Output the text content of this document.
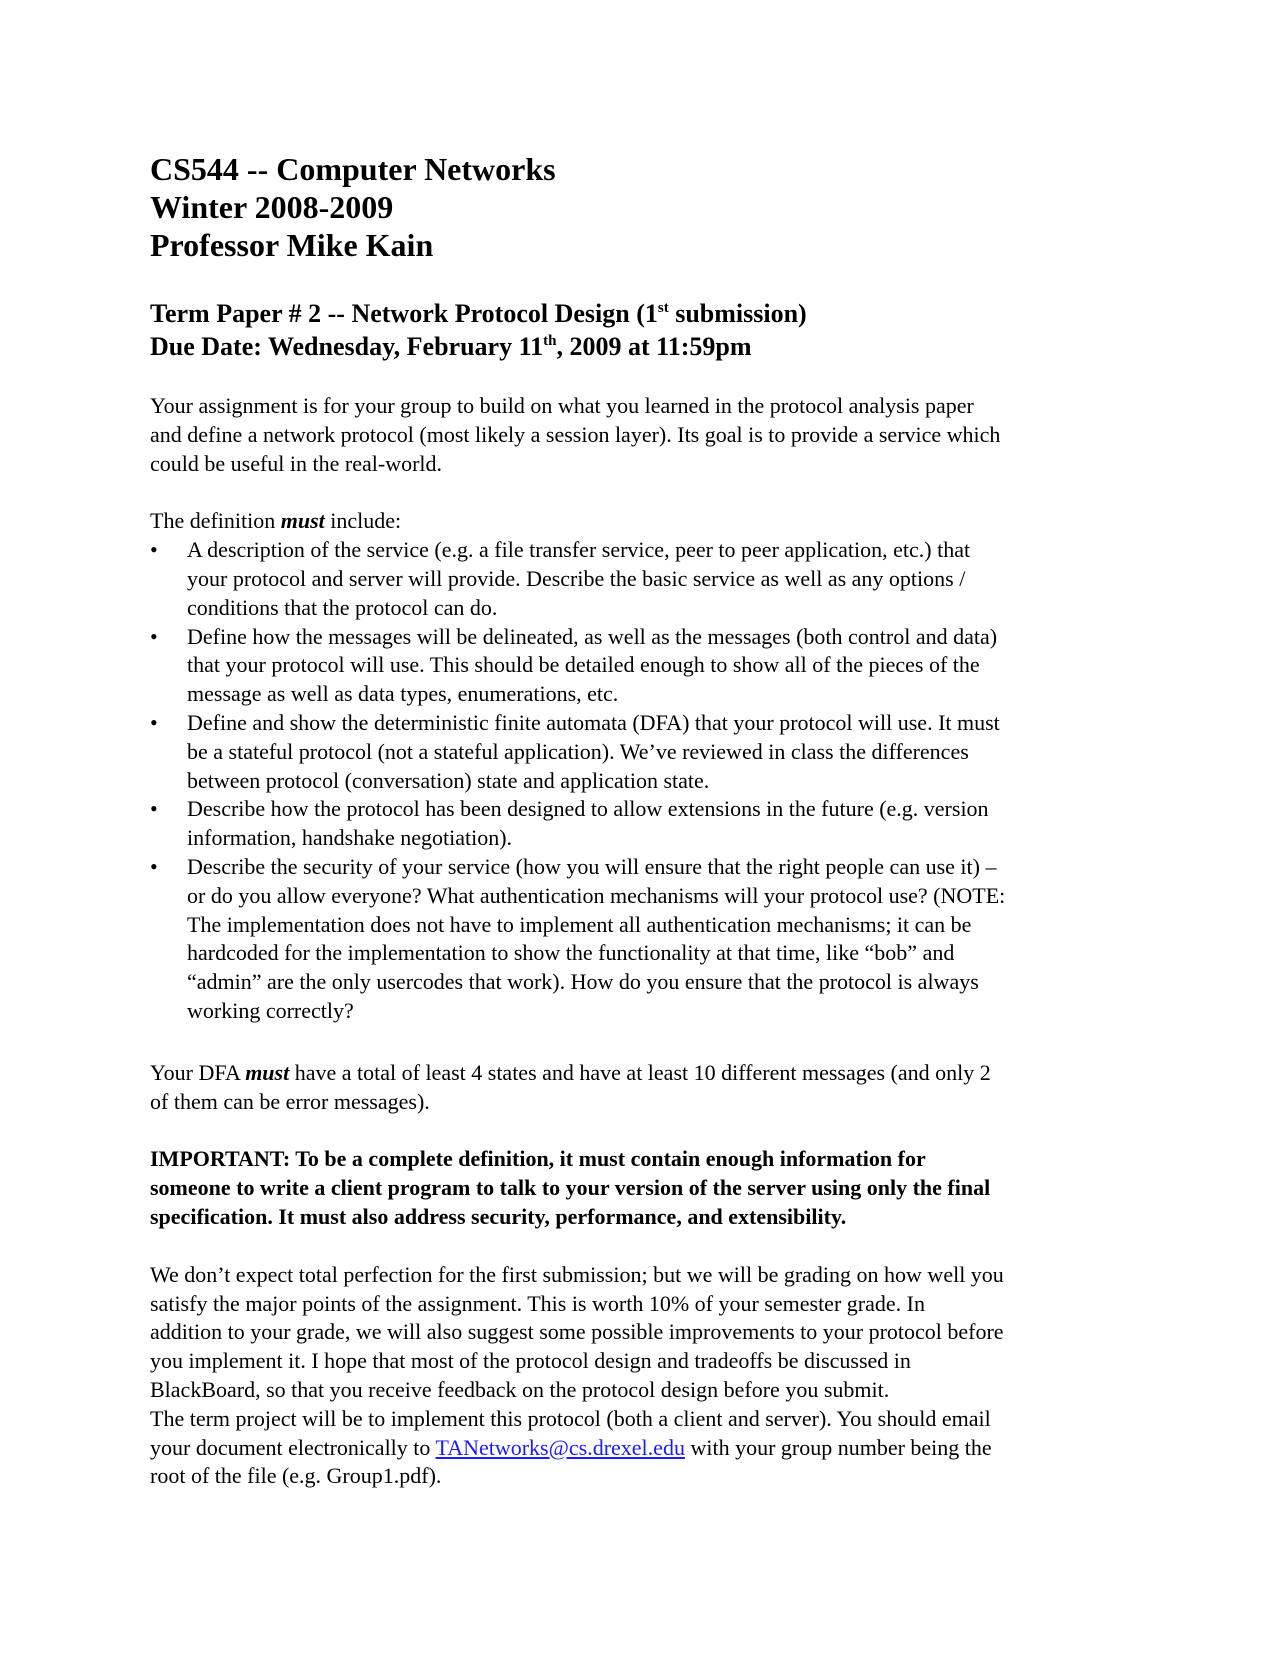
CS544 -- Computer Networks
Winter 2008-2009
Professor Mike Kain
Term Paper # 2 -- Network Protocol Design (1st submission)
Due Date: Wednesday, February 11th, 2009 at 11:59pm
Your assignment is for your group to build on what you learned in the protocol analysis paper
and define a network protocol (most likely a session layer). Its goal is to provide a service which
could be useful in the real-world.
The definition must include:
• A description of the service (e.g. a file transfer service, peer to peer application, etc.) that
your protocol and server will provide. Describe the basic service as well as any options /
conditions that the protocol can do.
• Define how the messages will be delineated, as well as the messages (both control and data)
that your protocol will use. This should be detailed enough to show all of the pieces of the
message as well as data types, enumerations, etc.
• Define and show the deterministic finite automata (DFA) that your protocol will use. It must
be a stateful protocol (not a stateful application). We’ve reviewed in class the differences
between protocol (conversation) state and application state.
• Describe how the protocol has been designed to allow extensions in the future (e.g. version
information, handshake negotiation).
• Describe the security of your service (how you will ensure that the right people can use it) –
or do you allow everyone? What authentication mechanisms will your protocol use? (NOTE:
The implementation does not have to implement all authentication mechanisms; it can be
hardcoded for the implementation to show the functionality at that time, like “bob” and
“admin” are the only usercodes that work). How do you ensure that the protocol is always
working correctly?
Your DFA must have a total of least 4 states and have at least 10 different messages (and only 2
of them can be error messages).
IMPORTANT: To be a complete definition, it must contain enough information for
someone to write a client program to talk to your version of the server using only the final
specification. It must also address security, performance, and extensibility.
We don’t expect total perfection for the first submission; but we will be grading on how well you
satisfy the major points of the assignment. This is worth 10% of your semester grade. In
addition to your grade, we will also suggest some possible improvements to your protocol before
you implement it. I hope that most of the protocol design and tradeoffs be discussed in
BlackBoard, so that you receive feedback on the protocol design before you submit.
The term project will be to implement this protocol (both a client and server). You should email
your document electronically to TANetworks@cs.drexel.edu with your group number being the
root of the file (e.g. Group1.pdf).
